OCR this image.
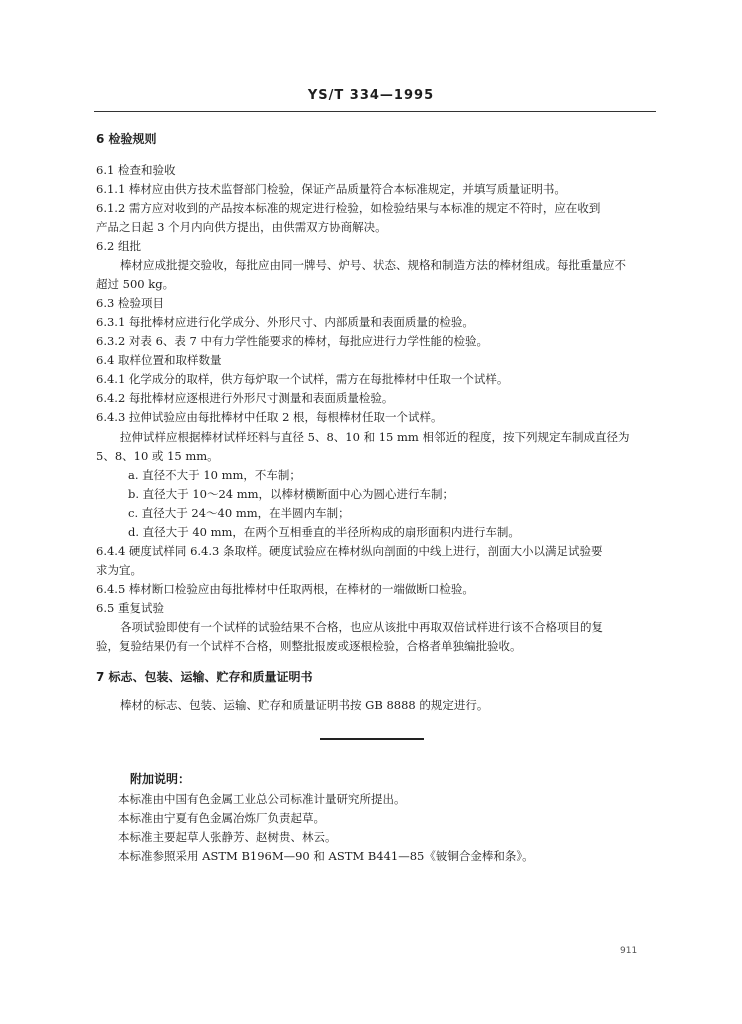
YS/T 334—1995
6 检验规则
6.1 检查和验收
6.1.1 棒材应由供方技术监督部门检验，保证产品质量符合本标准规定，并填写质量证明书。
6.1.2 需方应对收到的产品按本标准的规定进行检验，如检验结果与本标准的规定不符时，应在收到
产品之日起 3 个月内向供方提出，由供需双方协商解决。
6.2 组批
棒材应成批提交验收，每批应由同一牌号、炉号、状态、规格和制造方法的棒材组成。每批重量应不
超过 500 kg。
6.3 检验项目
6.3.1 每批棒材应进行化学成分、外形尺寸、内部质量和表面质量的检验。
6.3.2 对表 6、表 7 中有力学性能要求的棒材，每批应进行力学性能的检验。
6.4 取样位置和取样数量
6.4.1 化学成分的取样，供方每炉取一个试样，需方在每批棒材中任取一个试样。
6.4.2 每批棒材应逐根进行外形尺寸测量和表面质量检验。
6.4.3 拉伸试验应由每批棒材中任取 2 根，每根棒材任取一个试样。
拉伸试样应根据棒材试样坯料与直径 5、8、10 和 15 mm 相邻近的程度，按下列规定车制成直径为
5、8、10 或 15 mm。
a. 直径不大于 10 mm，不车制；
b. 直径大于 10～24 mm，以棒材横断面中心为圆心进行车制；
c. 直径大于 24～40 mm，在半圆内车制；
d. 直径大于 40 mm，在两个互相垂直的半径所构成的扇形面积内进行车制。
6.4.4 硬度试样同 6.4.3 条取样。硬度试验应在棒材纵向剖面的中线上进行，剖面大小以满足试验要
求为宜。
6.4.5 棒材断口检验应由每批棒材中任取两根，在棒材的一端做断口检验。
6.5 重复试验
各项试验即使有一个试样的试验结果不合格，也应从该批中再取双倍试样进行该不合格项目的复
验，复验结果仍有一个试样不合格，则整批报废或逐根检验，合格者单独编批验收。
7 标志、包装、运输、贮存和质量证明书
棒材的标志、包装、运输、贮存和质量证明书按 GB 8888 的规定进行。
附加说明：
本标准由中国有色金属工业总公司标准计量研究所提出。
本标准由宁夏有色金属冶炼厂负责起草。
本标准主要起草人张静芳、赵树贵、林云。
本标准参照采用 ASTM B196M—90 和 ASTM B441—85《铍铜合金棒和条》。
911
